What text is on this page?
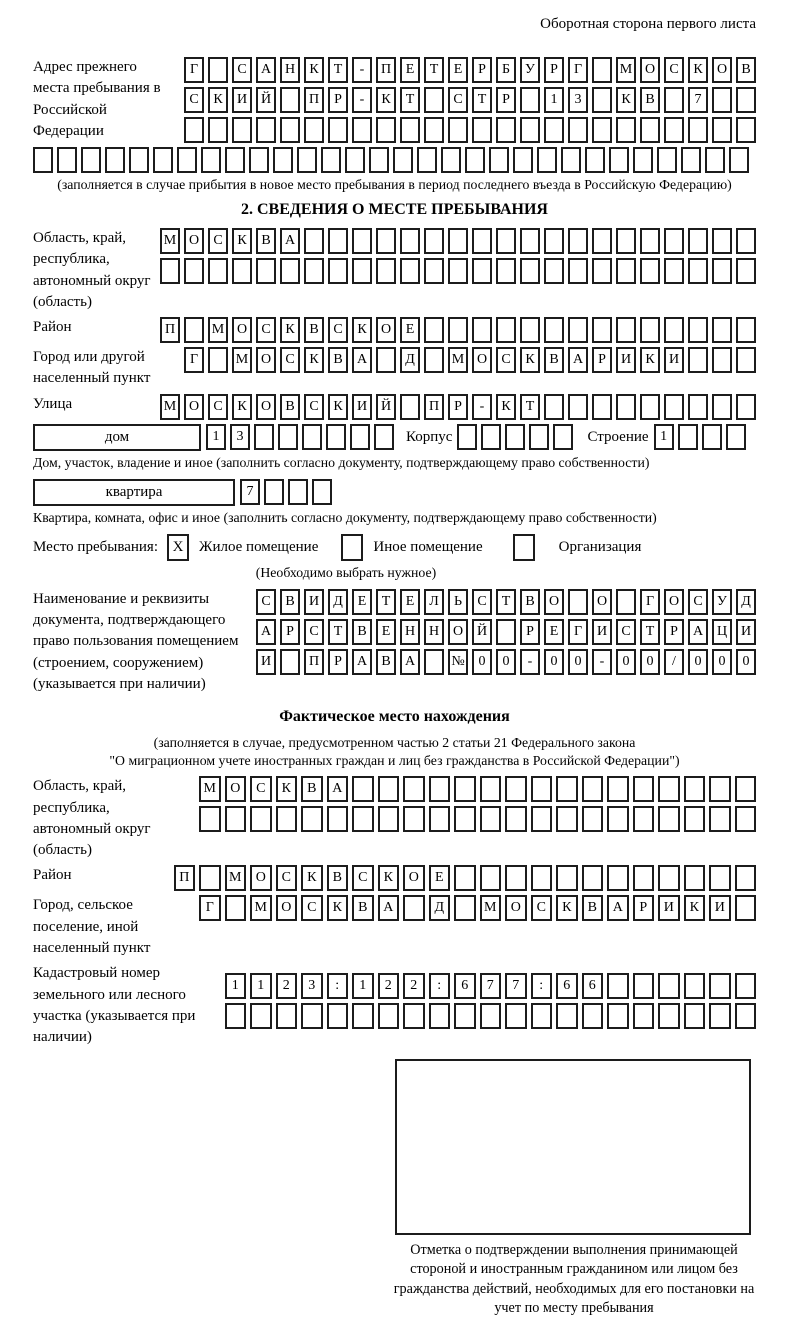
Оборотная сторона первого листа
Адрес прежнего места пребывания в Российской Федерации
Г	С	А Н	К	Т	-	П	Е	Т	Е	Р	Б	У	Р	Г	М О	С	К	О	В
С	К	И Й	П	Р	-	К	Т	С	Т	Р	1	3	К	В	7
(заполняется в случае прибытия в новое место пребывания в период последнего въезда в Российскую Федерацию)
2. СВЕДЕНИЯ О МЕСТЕ ПРЕБЫВАНИЯ
Область, край, республика, автономный округ (область)
М О	С	К	В	А
Район	П	М О	С	К	В	С	К	О	Е
Город или другой населенный пункт
Г	М О	С	К	В	А	Д	М О	С	К	В	А	Р	И	К	И
Улица	М О	С	К	О	В	С	К	И Й	П	Р	-	К	Т
дом	1	3	Корпус	Строение 1
Дом, участок, владение и иное (заполнить согласно документу, подтверждающему право собственности)
квартира	7
Квартира, комната, офис и иное (заполнить согласно документу, подтверждающему право собственности)
Место пребывания: X	Жилое помещение	Иное помещение	Организация
(Необходимо выбрать нужное)
Наименование и реквизиты документа, подтверждающего право пользования помещением (строением, сооружением) (указывается при наличии)
С	В	И	Д	Е	Т	Е	Л	Ь	С	Т	В	О	О	Г	О	С	У	Д
А	Р	С	Т	В	Е	Н Н О Й	Р	Е	Г	И	С	Т	Р	А Ц И
И	П	Р	А	В	А	№ 0	0	-	0	0	-	0	0	/	0	0	0
Фактическое место нахождения
(заполняется в случае, предусмотренном частью 2 статьи 21 Федерального закона
"О миграционном учете иностранных граждан и лиц без гражданства в Российской Федерации")
Область, край, республика, автономный округ (область)
М	О	С	К	В	А
Район	П	М	О	С	К	В	С	К	О	Е
Город, сельское поселение, иной населенный пункт
Г	М	О	С	К	В	А	Д	М	О	С	К	В	А	Р	И	К	И
Кадастровый номер земельного или лесного участка (указывается при наличии)
1	1	2	3	:	1	2	2	:	6	7	7	:	6	6
Отметка о подтверждении выполнения принимающей стороной и иностранным гражданином или лицом без гражданства действий, необходимых для его постановки на учет по месту пребывания
